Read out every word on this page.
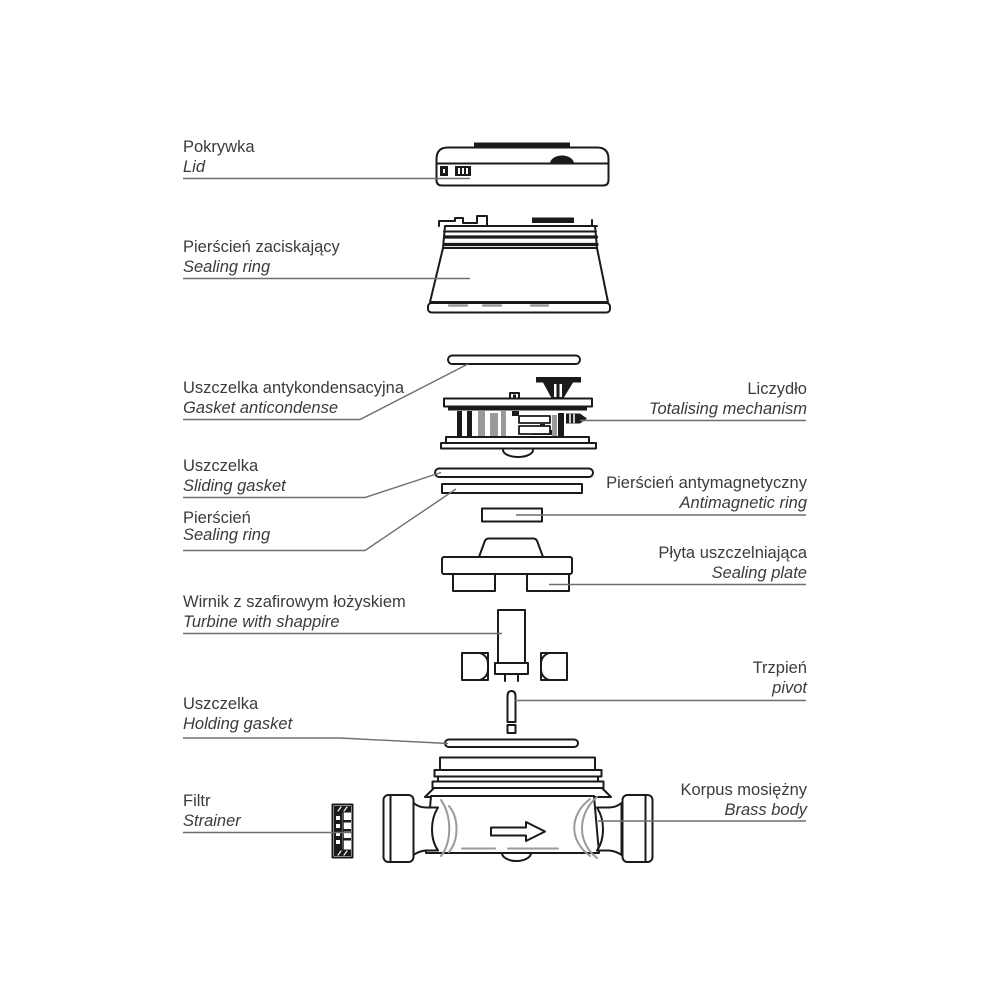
Pokrywka
Lid
Pierścień zaciskający
Sealing ring
Uszczelka antykondensacyjna
Gasket anticondense
Uszczelka
Sliding gasket
Pierścień
Sealing ring
Wirnik z szafirowym łożyskiem
Turbine with shappire
Uszczelka
Holding gasket
Filtr
Strainer
Liczydło
Totalising mechanism
Pierścień antymagnetyczny
Antimagnetic ring
Płyta uszczelniająca
Sealing plate
Trzpień
pivot
Korpus mosiężny
Brass body
